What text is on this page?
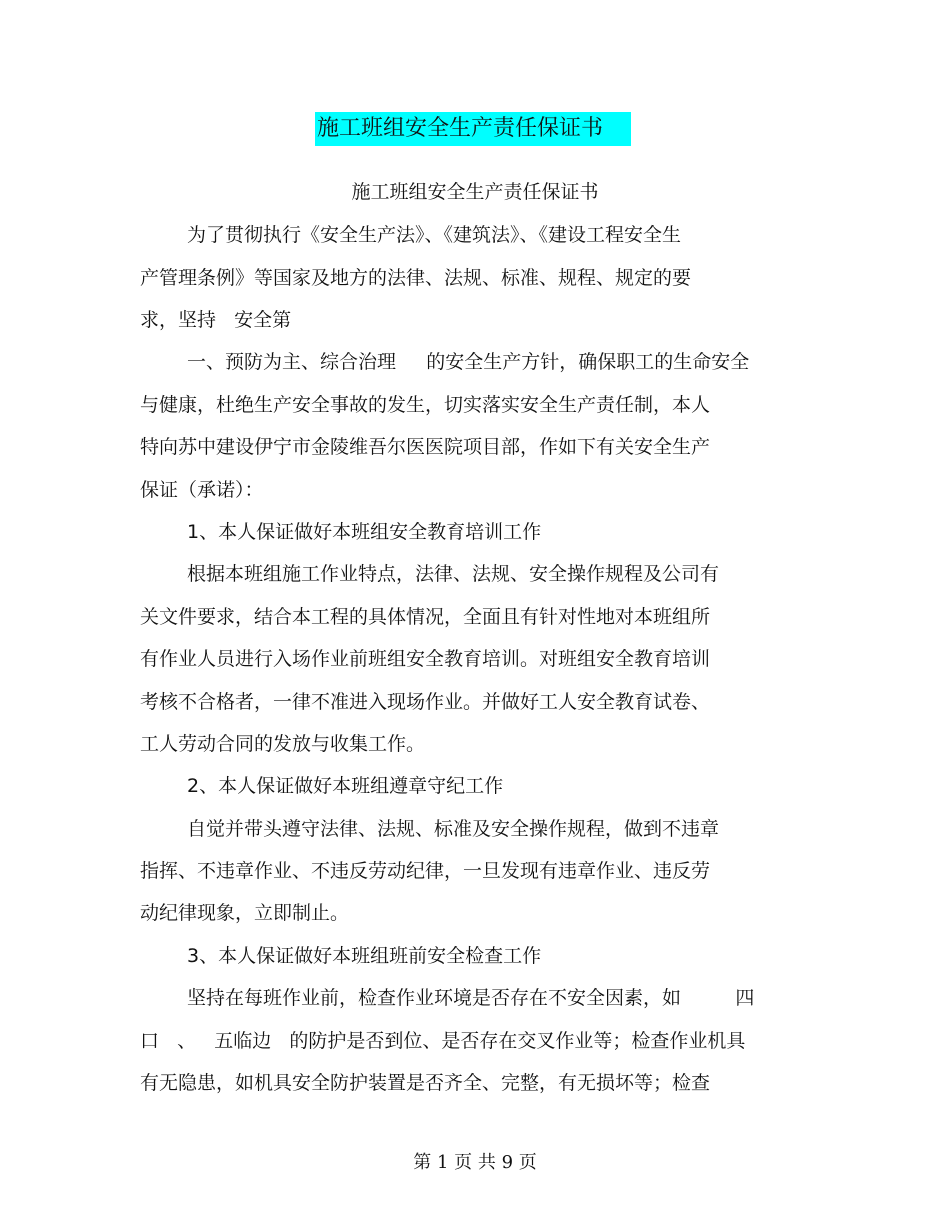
施工班组安全生产责任保证书
施工班组安全生产责任保证书
为了贯彻执行《安全生产法》、《建筑法》、《建设工程安全生
产管理条例》等国家及地方的法律、法规、标准、规程、规定的要
求，坚持   安全第
一、预防为主、综合治理     的安全生产方针，确保职工的生命安全
与健康，杜绝生产安全事故的发生，切实落实安全生产责任制，本人
特向苏中建设伊宁市金陵维吾尔医医院项目部，作如下有关安全生产
保证（承诺）：
1、本人保证做好本班组安全教育培训工作
根据本班组施工作业特点，法律、法规、安全操作规程及公司有
关文件要求，结合本工程的具体情况，全面且有针对性地对本班组所
有作业人员进行入场作业前班组安全教育培训。对班组安全教育培训
考核不合格者，一律不准进入现场作业。并做好工人安全教育试卷、
工人劳动合同的发放与收集工作。
2、本人保证做好本班组遵章守纪工作
自觉并带头遵守法律、法规、标准及安全操作规程，做到不违章
指挥、不违章作业、不违反劳动纪律，一旦发现有违章作业、违反劳
动纪律现象，立即制止。
3、本人保证做好本班组班前安全检查工作
坚持在每班作业前，检查作业环境是否存在不安全因素，如         四
口   、   五临边   的防护是否到位、是否存在交叉作业等；检查作业机具
有无隐患，如机具安全防护装置是否齐全、完整，有无损坏等；检查
第 1 页 共 9 页
